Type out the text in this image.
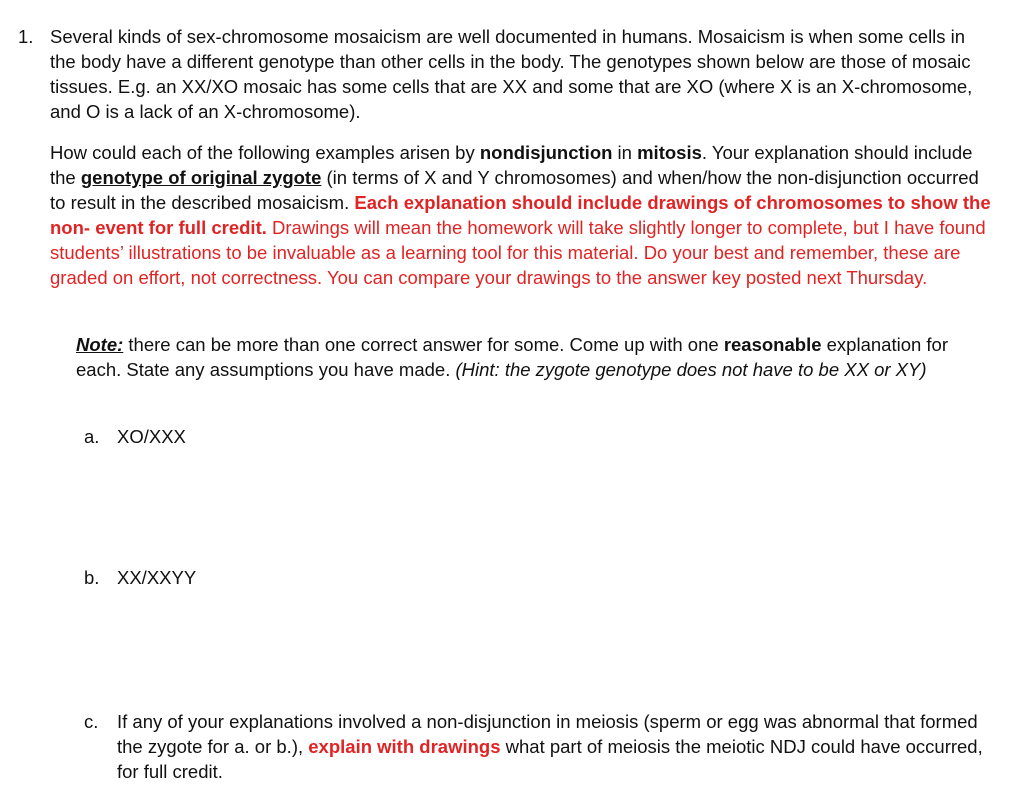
1. Several kinds of sex-chromosome mosaicism are well documented in humans. Mosaicism is when some cells in the body have a different genotype than other cells in the body. The genotypes shown below are those of mosaic tissues. E.g. an XX/XO mosaic has some cells that are XX and some that are XO (where X is an X-chromosome, and O is a lack of an X-chromosome).

How could each of the following examples arisen by nondisjunction in mitosis. Your explanation should include the genotype of original zygote (in terms of X and Y chromosomes) and when/how the non-disjunction occurred to result in the described mosaicism. Each explanation should include drawings of chromosomes to show the non- event for full credit. Drawings will mean the homework will take slightly longer to complete, but I have found students’ illustrations to be invaluable as a learning tool for this material. Do your best and remember, these are graded on effort, not correctness. You can compare your drawings to the answer key posted next Thursday.

Note: there can be more than one correct answer for some. Come up with one reasonable explanation for each. State any assumptions you have made. (Hint: the zygote genotype does not have to be XX or XY)

a. XO/XXX
b. XX/XXYY
c. If any of your explanations involved a non-disjunction in meiosis (sperm or egg was abnormal that formed the zygote for a. or b.), explain with drawings what part of meiosis the meiotic NDJ could have occurred, for full credit.
